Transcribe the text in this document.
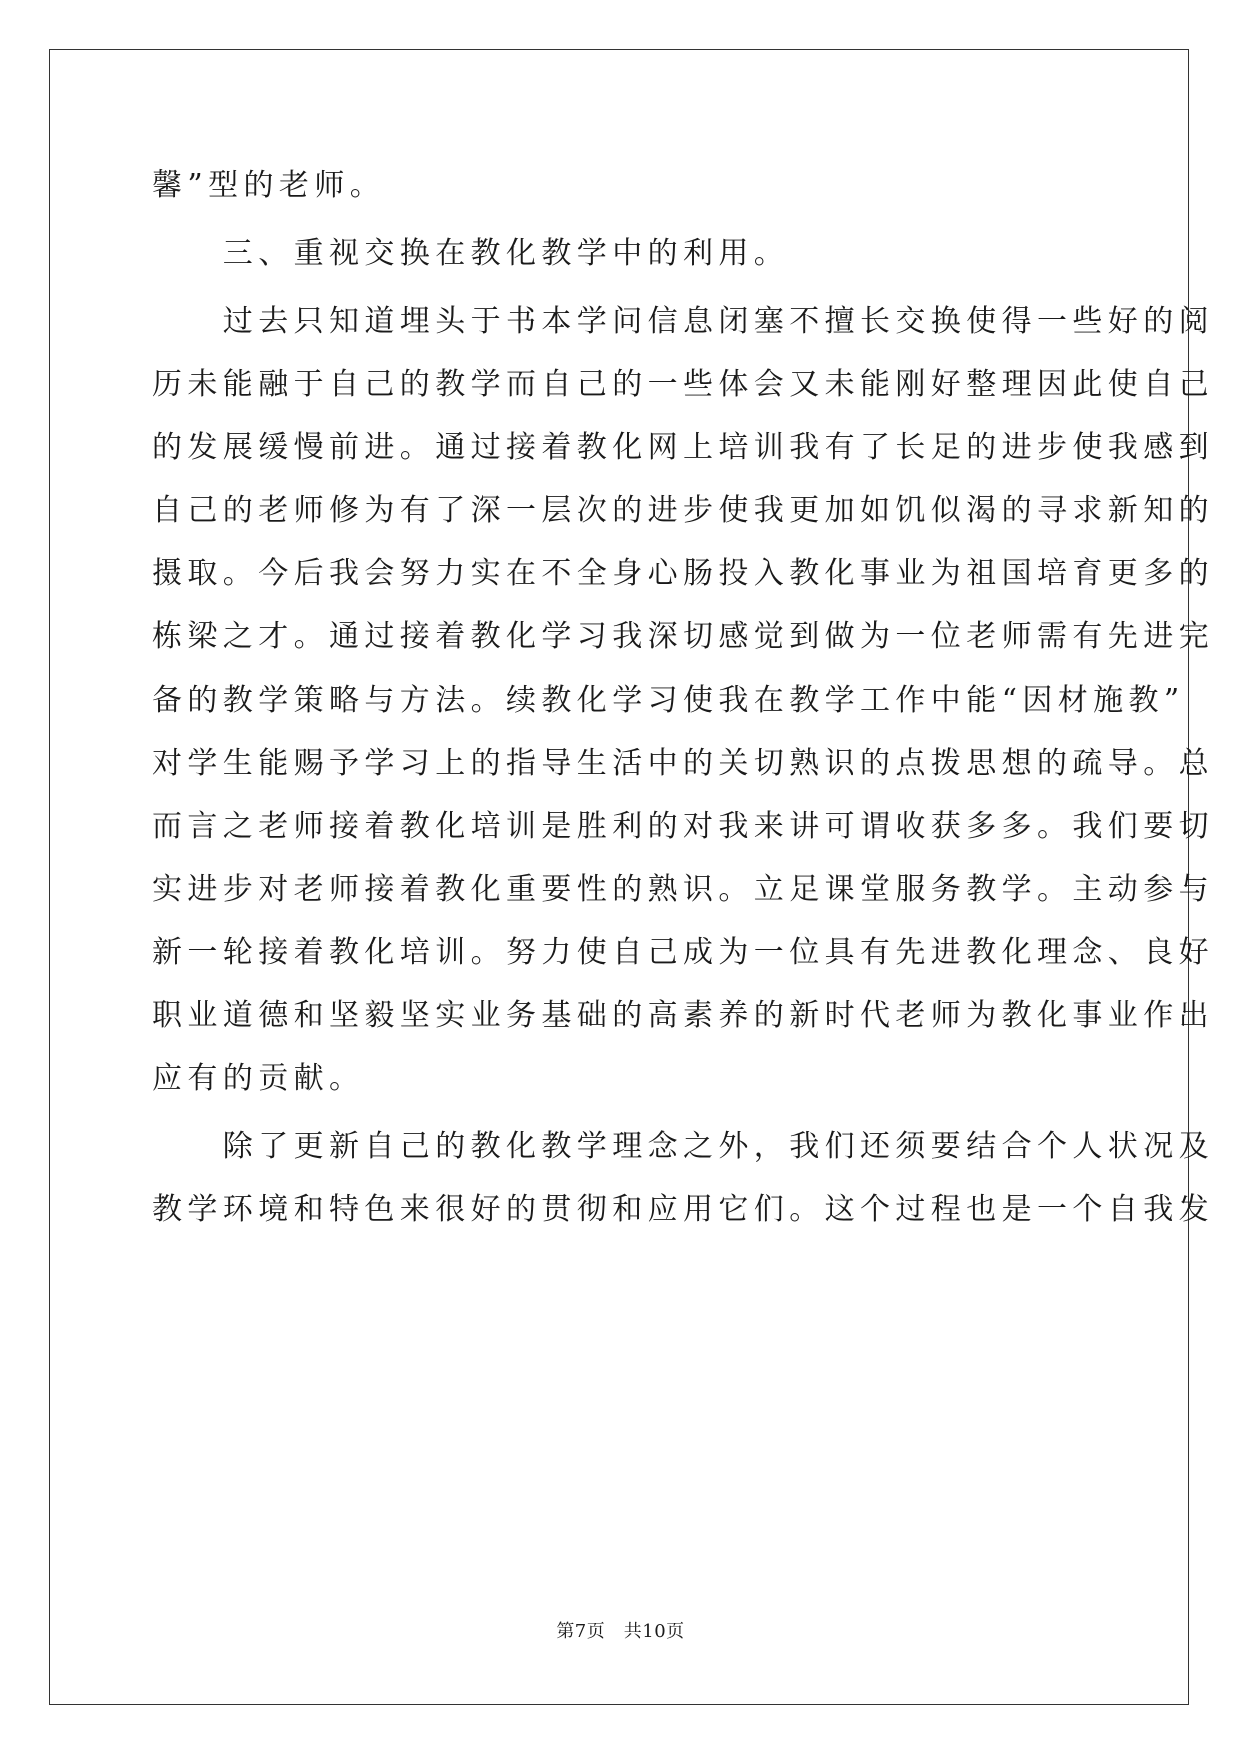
馨”型的老师。
　　三、重视交换在教化教学中的利用。
　　过去只知道埋头于书本学问信息闭塞不擅长交换使得一些好的阅
历未能融于自己的教学而自己的一些体会又未能刚好整理因此使自己
的发展缓慢前进。通过接着教化网上培训我有了长足的进步使我感到
自己的老师修为有了深一层次的进步使我更加如饥似渴的寻求新知的
摄取。今后我会努力实在不全身心肠投入教化事业为祖国培育更多的
栋梁之才。通过接着教化学习我深切感觉到做为一位老师需有先进完
备的教学策略与方法。续教化学习使我在教学工作中能“因材施教”
对学生能赐予学习上的指导生活中的关切熟识的点拨思想的疏导。总
而言之老师接着教化培训是胜利的对我来讲可谓收获多多。我们要切
实进步对老师接着教化重要性的熟识。立足课堂服务教学。主动参与
新一轮接着教化培训。努力使自己成为一位具有先进教化理念、良好
职业道德和坚毅坚实业务基础的高素养的新时代老师为教化事业作出
应有的贡献。
　　除了更新自己的教化教学理念之外，我们还须要结合个人状况及
教学环境和特色来很好的贯彻和应用它们。这个过程也是一个自我发
第7页　共10页
